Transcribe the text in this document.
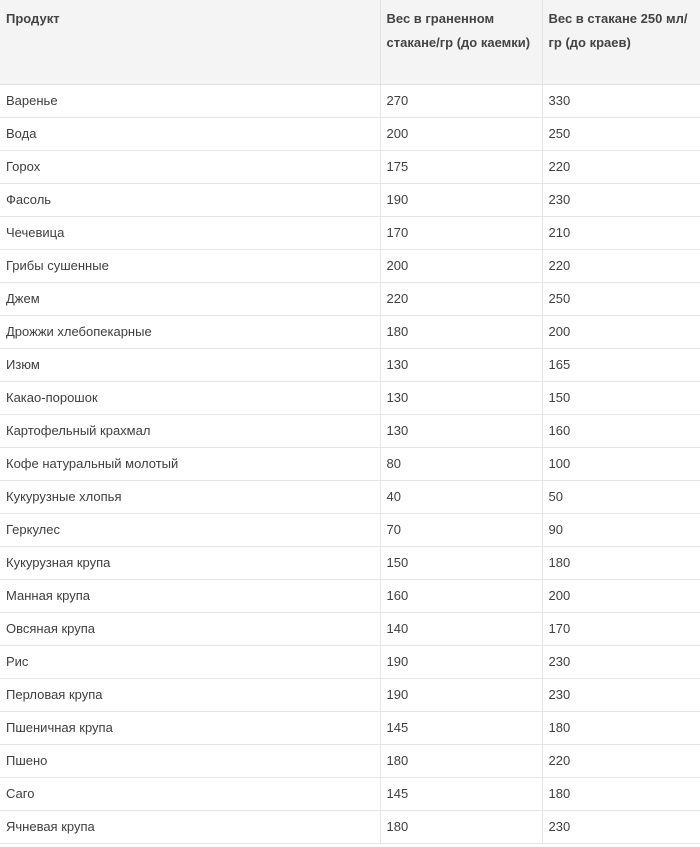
Продукт	Вес в граненном стакане/гр (до каемки)	Вес в стакане 250 мл/гр (до краев)
Варенье	270	330
Вода	200	250
Горох	175	220
Фасоль	190	230
Чечевица	170	210
Грибы сушенные	200	220
Джем	220	250
Дрожжи хлебопекарные	180	200
Изюм	130	165
Какао-порошок	130	150
Картофельный крахмал	130	160
Кофе натуральный молотый	80	100
Кукурузные хлопья	40	50
Геркулес	70	90
Кукурузная крупа	150	180
Манная крупа	160	200
Овсяная крупа	140	170
Рис	190	230
Перловая крупа	190	230
Пшеничная крупа	145	180
Пшено	180	220
Саго	145	180
Ячневая крупа	180	230
